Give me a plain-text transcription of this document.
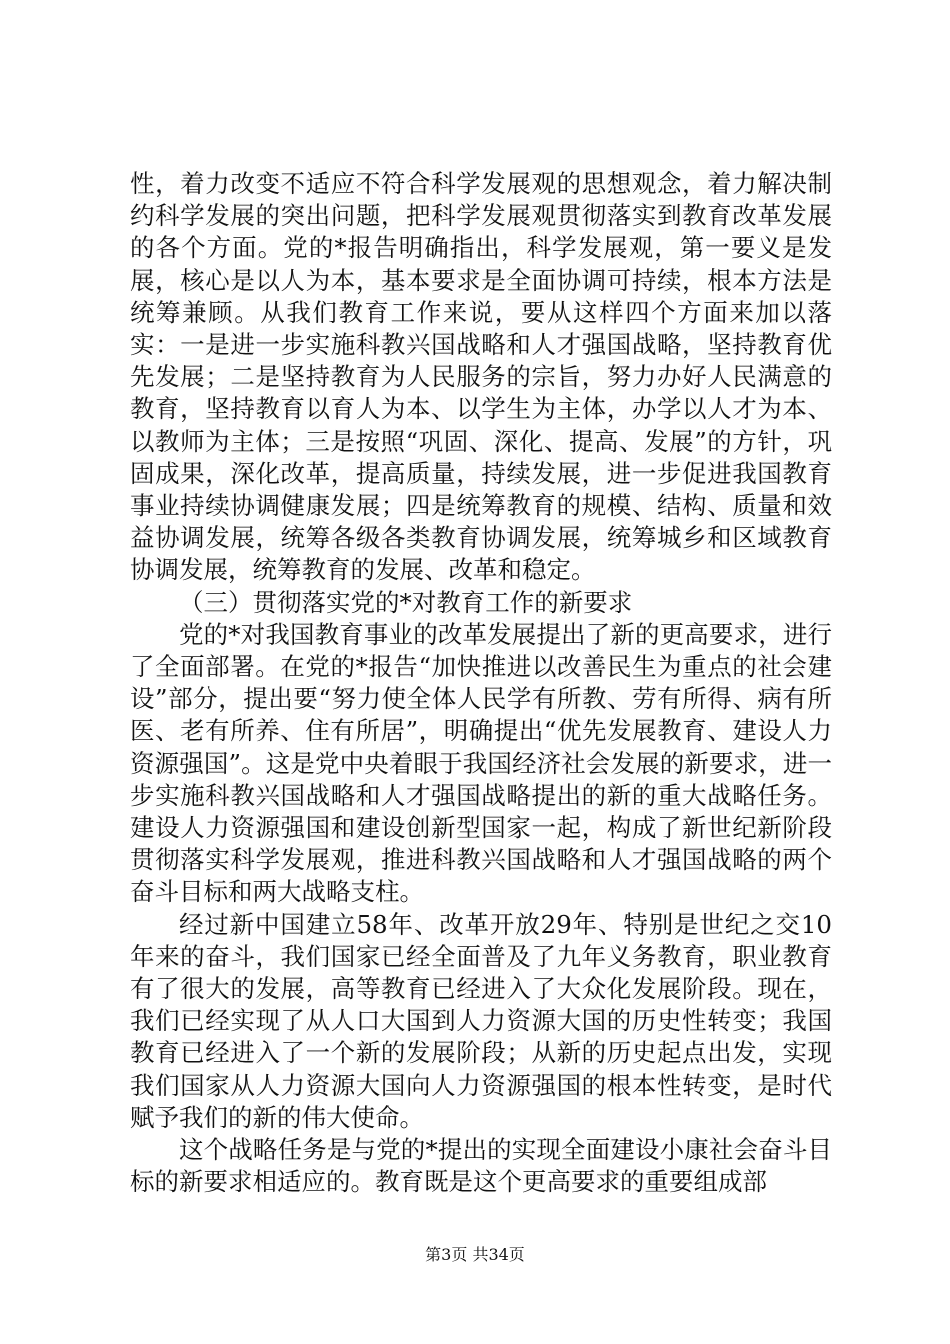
性，着力改变不适应不符合科学发展观的思想观念，着力解决制约科学发展的突出问题，把科学发展观贯彻落实到教育改革发展的各个方面。党的*报告明确指出，科学发展观，第一要义是发展，核心是以人为本，基本要求是全面协调可持续，根本方法是统筹兼顾。从我们教育工作来说，要从这样四个方面来加以落实：一是进一步实施科教兴国战略和人才强国战略，坚持教育优先发展；二是坚持教育为人民服务的宗旨，努力办好人民满意的教育，坚持教育以育人为本、以学生为主体，办学以人才为本、以教师为主体；三是按照“巩固、深化、提高、发展”的方针，巩固成果，深化改革，提高质量，持续发展，进一步促进我国教育事业持续协调健康发展；四是统筹教育的规模、结构、质量和效益协调发展，统筹各级各类教育协调发展，统筹城乡和区域教育协调发展，统筹教育的发展、改革和稳定。

（三）贯彻落实党的*对教育工作的新要求

党的*对我国教育事业的改革发展提出了新的更高要求，进行了全面部署。在党的*报告“加快推进以改善民生为重点的社会建设”部分，提出要“努力使全体人民学有所教、劳有所得、病有所医、老有所养、住有所居”，明确提出“优先发展教育、建设人力资源强国”。这是党中央着眼于我国经济社会发展的新要求，进一步实施科教兴国战略和人才强国战略提出的新的重大战略任务。建设人力资源强国和建设创新型国家一起，构成了新世纪新阶段贯彻落实科学发展观，推进科教兴国战略和人才强国战略的两个奋斗目标和两大战略支柱。

经过新中国建立58年、改革开放29年、特别是世纪之交10年来的奋斗，我们国家已经全面普及了九年义务教育，职业教育有了很大的发展，高等教育已经进入了大众化发展阶段。现在，我们已经实现了从人口大国到人力资源大国的历史性转变；我国教育已经进入了一个新的发展阶段；从新的历史起点出发，实现我们国家从人力资源大国向人力资源强国的根本性转变，是时代赋予我们的新的伟大使命。

这个战略任务是与党的*提出的实现全面建设小康社会奋斗目标的新要求相适应的。教育既是这个更高要求的重要组成部

第3页 共34页
